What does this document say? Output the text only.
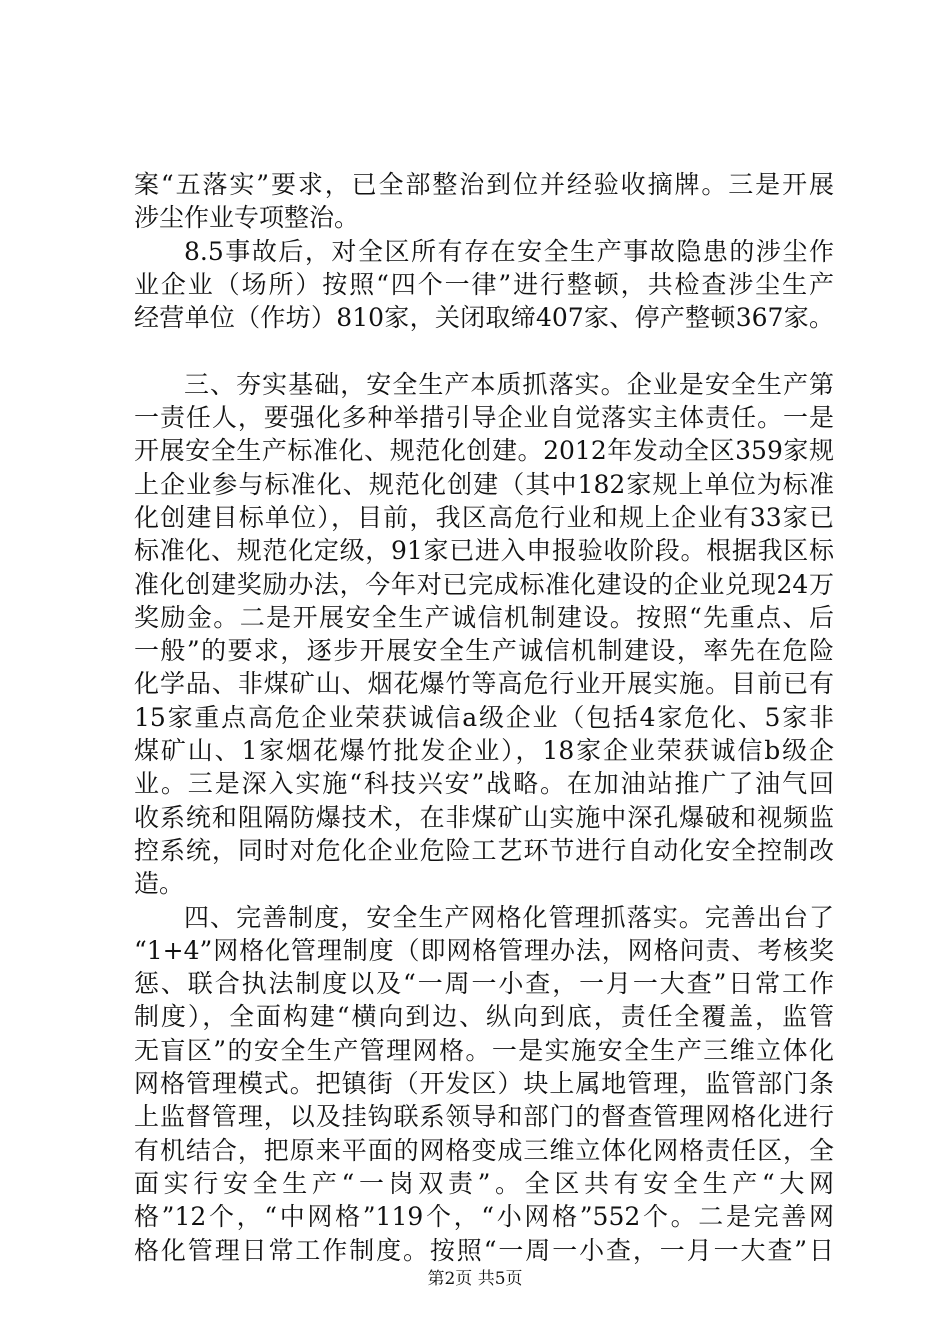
案“五落实”要求，已全部整治到位并经验收摘牌。三是开展
涉尘作业专项整治。
8.5事故后，对全区所有存在安全生产事故隐患的涉尘作
业企业（场所）按照“四个一律”进行整顿，共检查涉尘生产
经营单位（作坊）810家，关闭取缔407家、停产整顿367家。
三、夯实基础，安全生产本质抓落实。企业是安全生产第
一责任人，要强化多种举措引导企业自觉落实主体责任。一是
开展安全生产标准化、规范化创建。2012年发动全区359家规
上企业参与标准化、规范化创建（其中182家规上单位为标准
化创建目标单位），目前，我区高危行业和规上企业有33家已
标准化、规范化定级，91家已进入申报验收阶段。根据我区标
准化创建奖励办法，今年对已完成标准化建设的企业兑现24万
奖励金。二是开展安全生产诚信机制建设。按照“先重点、后
一般”的要求，逐步开展安全生产诚信机制建设，率先在危险
化学品、非煤矿山、烟花爆竹等高危行业开展实施。目前已有
15家重点高危企业荣获诚信a级企业（包括4家危化、5家非
煤矿山、1家烟花爆竹批发企业），18家企业荣获诚信b级企
业。三是深入实施“科技兴安”战略。在加油站推广了油气回
收系统和阻隔防爆技术，在非煤矿山实施中深孔爆破和视频监
控系统，同时对危化企业危险工艺环节进行自动化安全控制改
造。
四、完善制度，安全生产网格化管理抓落实。完善出台了
“1+4”网格化管理制度（即网格管理办法，网格问责、考核奖
惩、联合执法制度以及“一周一小查，一月一大查”日常工作
制度），全面构建“横向到边、纵向到底，责任全覆盖，监管
无盲区”的安全生产管理网格。一是实施安全生产三维立体化
网格管理模式。把镇街（开发区）块上属地管理，监管部门条
上监督管理，以及挂钩联系领导和部门的督查管理网格化进行
有机结合，把原来平面的网格变成三维立体化网格责任区，全
面实行安全生产“一岗双责”。全区共有安全生产“大网
格”12个，“中网格”119个，“小网格”552个。二是完善网
格化管理日常工作制度。按照“一周一小查，一月一大查”日
第2页 共5页
